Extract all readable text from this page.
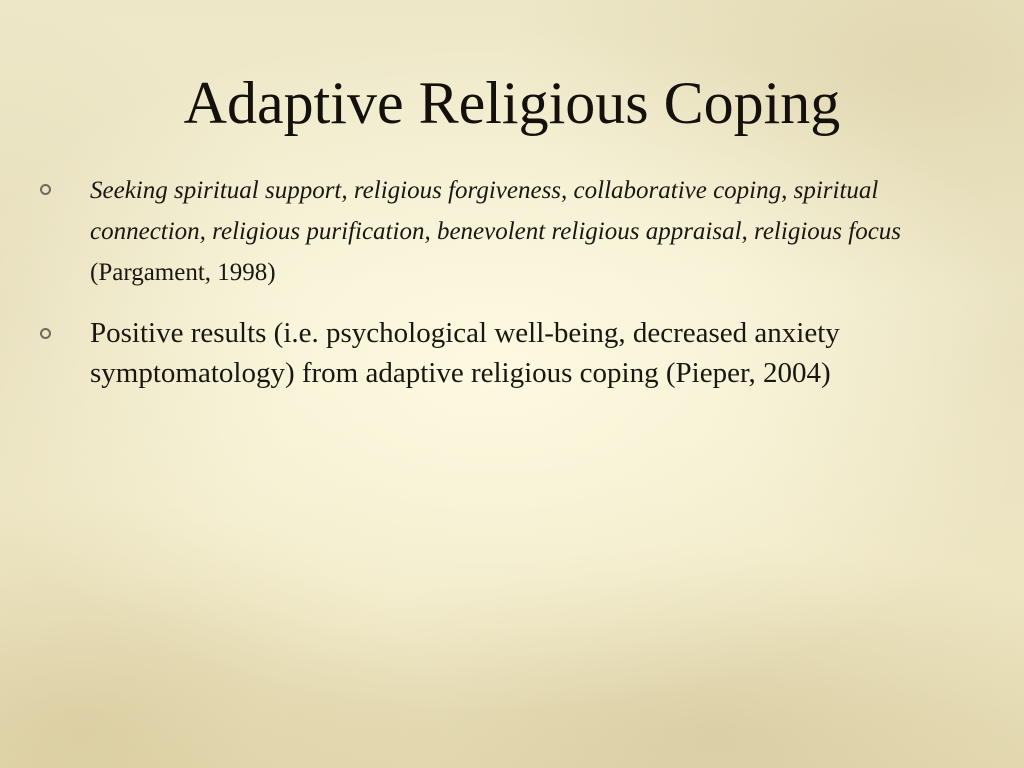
Adaptive Religious Coping
Seeking spiritual support, religious forgiveness, collaborative coping, spiritual connection, religious purification, benevolent religious appraisal, religious focus (Pargament, 1998)
Positive results (i.e. psychological well-being, decreased anxiety symptomatology) from adaptive religious coping (Pieper, 2004)
